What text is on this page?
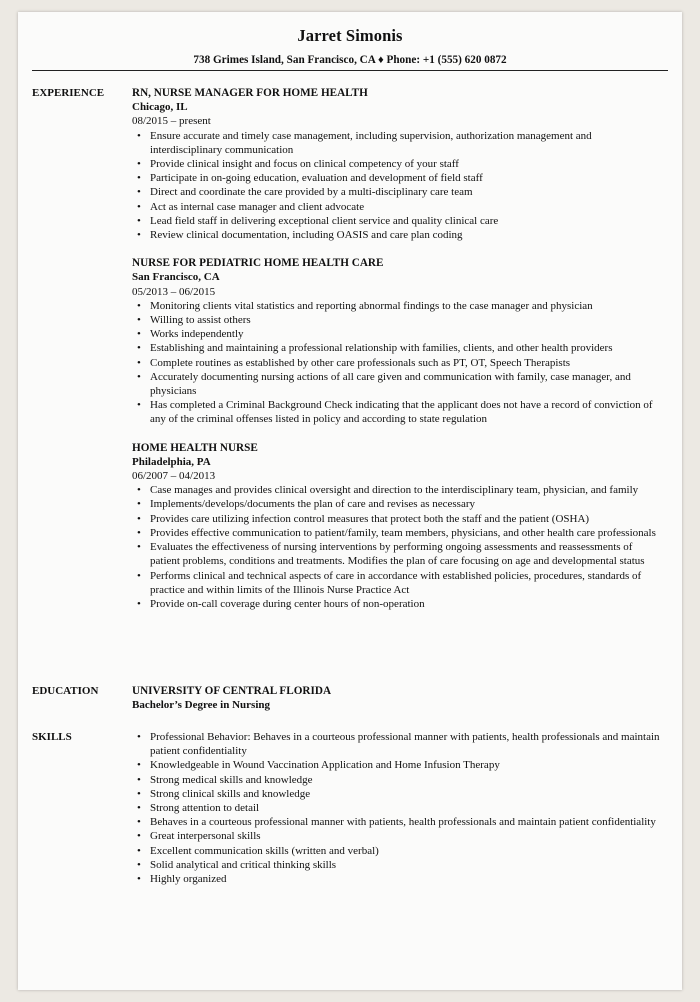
Jarret Simonis
738 Grimes Island, San Francisco, CA ♦ Phone: +1 (555) 620 0872
EXPERIENCE RN, NURSE MANAGER FOR HOME HEALTH
Chicago, IL
08/2015 – present
• Ensure accurate and timely case management, including supervision, authorization management and interdisciplinary communication
• Provide clinical insight and focus on clinical competency of your staff
• Participate in on-going education, evaluation and development of field staff
• Direct and coordinate the care provided by a multi-disciplinary care team
• Act as internal case manager and client advocate
• Lead field staff in delivering exceptional client service and quality clinical care
• Review clinical documentation, including OASIS and care plan coding
NURSE FOR PEDIATRIC HOME HEALTH CARE
San Francisco, CA
05/2013 – 06/2015
• Monitoring clients vital statistics and reporting abnormal findings to the case manager and physician
• Willing to assist others
• Works independently
• Establishing and maintaining a professional relationship with families, clients, and other health providers
• Complete routines as established by other care professionals such as PT, OT, Speech Therapists
• Accurately documenting nursing actions of all care given and communication with family, case manager, and physicians
• Has completed a Criminal Background Check indicating that the applicant does not have a record of conviction of any of the criminal offenses listed in policy and according to state regulation
HOME HEALTH NURSE
Philadelphia, PA
06/2007 – 04/2013
• Case manages and provides clinical oversight and direction to the interdisciplinary team, physician, and family
• Implements/develops/documents the plan of care and revises as necessary
• Provides care utilizing infection control measures that protect both the staff and the patient (OSHA)
• Provides effective communication to patient/family, team members, physicians, and other health care professionals
• Evaluates the effectiveness of nursing interventions by performing ongoing assessments and reassessments of patient problems, conditions and treatments. Modifies the plan of care focusing on age and developmental status
• Performs clinical and technical aspects of care in accordance with established policies, procedures, standards of practice and within limits of the Illinois Nurse Practice Act
• Provide on-call coverage during center hours of non-operation
EDUCATION	UNIVERSITY OF CENTRAL FLORIDA
Bachelor’s Degree in Nursing
SKILLS
•	Professional Behavior: Behaves in a courteous professional manner with patients, health professionals and maintain patient confidentiality
• Knowledgeable in Wound Vaccination Application and Home Infusion Therapy
• Strong medical skills and knowledge
• Strong clinical skills and knowledge
• Strong attention to detail
• Behaves in a courteous professional manner with patients, health professionals and maintain patient confidentiality
• Great interpersonal skills
• Excellent communication skills (written and verbal)
• Solid analytical and critical thinking skills
• Highly organized
